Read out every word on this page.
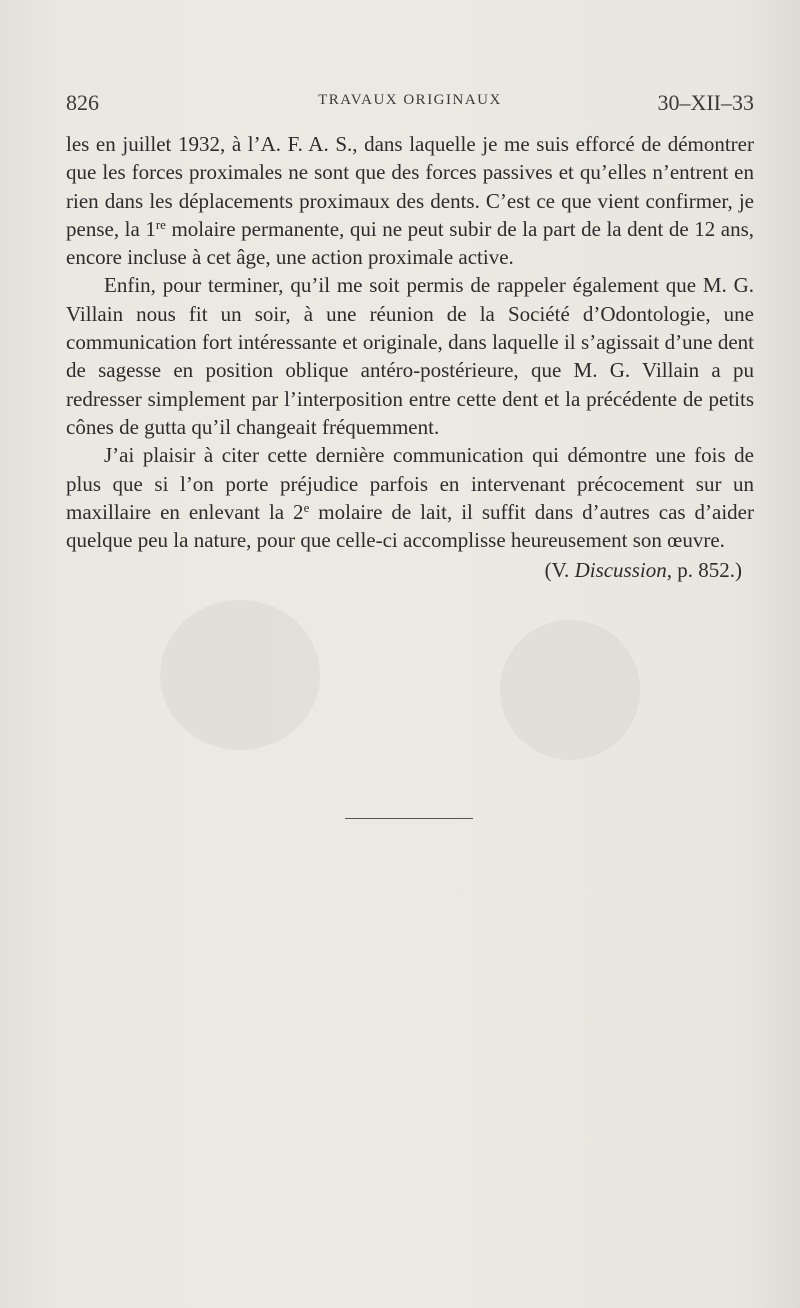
826	TRAVAUX ORIGINAUX	30–XII–33

les en juillet 1932, à l’A. F. A. S., dans laquelle je me suis efforcé de démontrer que les forces proximales ne sont que des forces passives et qu’elles n’entrent en rien dans les déplacements proximaux des dents. C’est ce que vient confirmer, je pense, la 1re molaire permanente, qui ne peut subir de la part de la dent de 12 ans, encore incluse à cet âge, une action proximale active.

Enfin, pour terminer, qu’il me soit permis de rappeler également que M. G. Villain nous fit un soir, à une réunion de la Société d’Odontologie, une communication fort intéressante et originale, dans laquelle il s’agissait d’une dent de sagesse en position oblique antéro-postérieure, que M. G. Villain a pu redresser simplement par l’interposition entre cette dent et la précédente de petits cônes de gutta qu’il changeait fréquemment.

J’ai plaisir à citer cette dernière communication qui démontre une fois de plus que si l’on porte préjudice parfois en intervenant précocement sur un maxillaire en enlevant la 2e molaire de lait, il suffit dans d’autres cas d’aider quelque peu la nature, pour que celle-ci accomplisse heureusement son œuvre.

(V. Discussion, p. 852.)
